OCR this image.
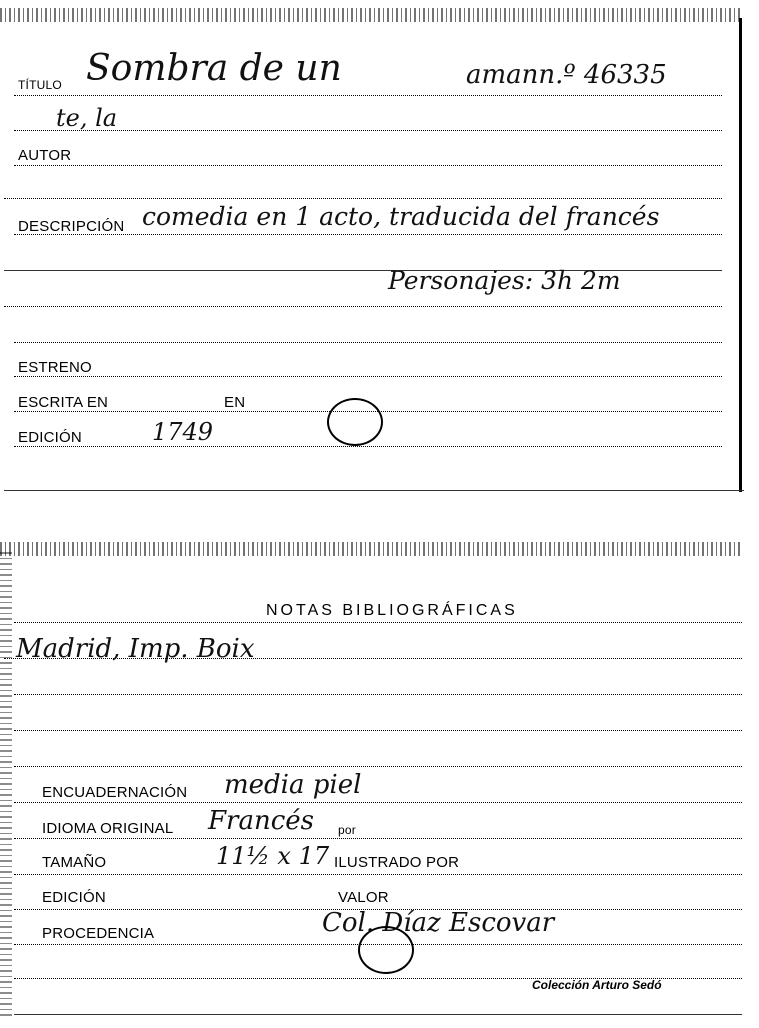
TÍTULO Sombra de un	amann.º 46335
te, la
AUTOR
DESCRIPCIÓN comedia en 1 acto, traducida del francés
Personajes: 3h 2m
ESTRENO
ESCRITA EN	EN
EDICIÓN	1749
NOTAS BIBLIOGRÁFICAS
Madrid, Imp. Boix
ENCUADERNACIÓN media piel
IDIOMA ORIGINAL Francés por
TAMAÑO	11½ x 17 ILUSTRADO POR
EDICIÓN	VALOR
PROCEDENCIA	Col. Díaz Escovar
Colección Arturo Sedó
